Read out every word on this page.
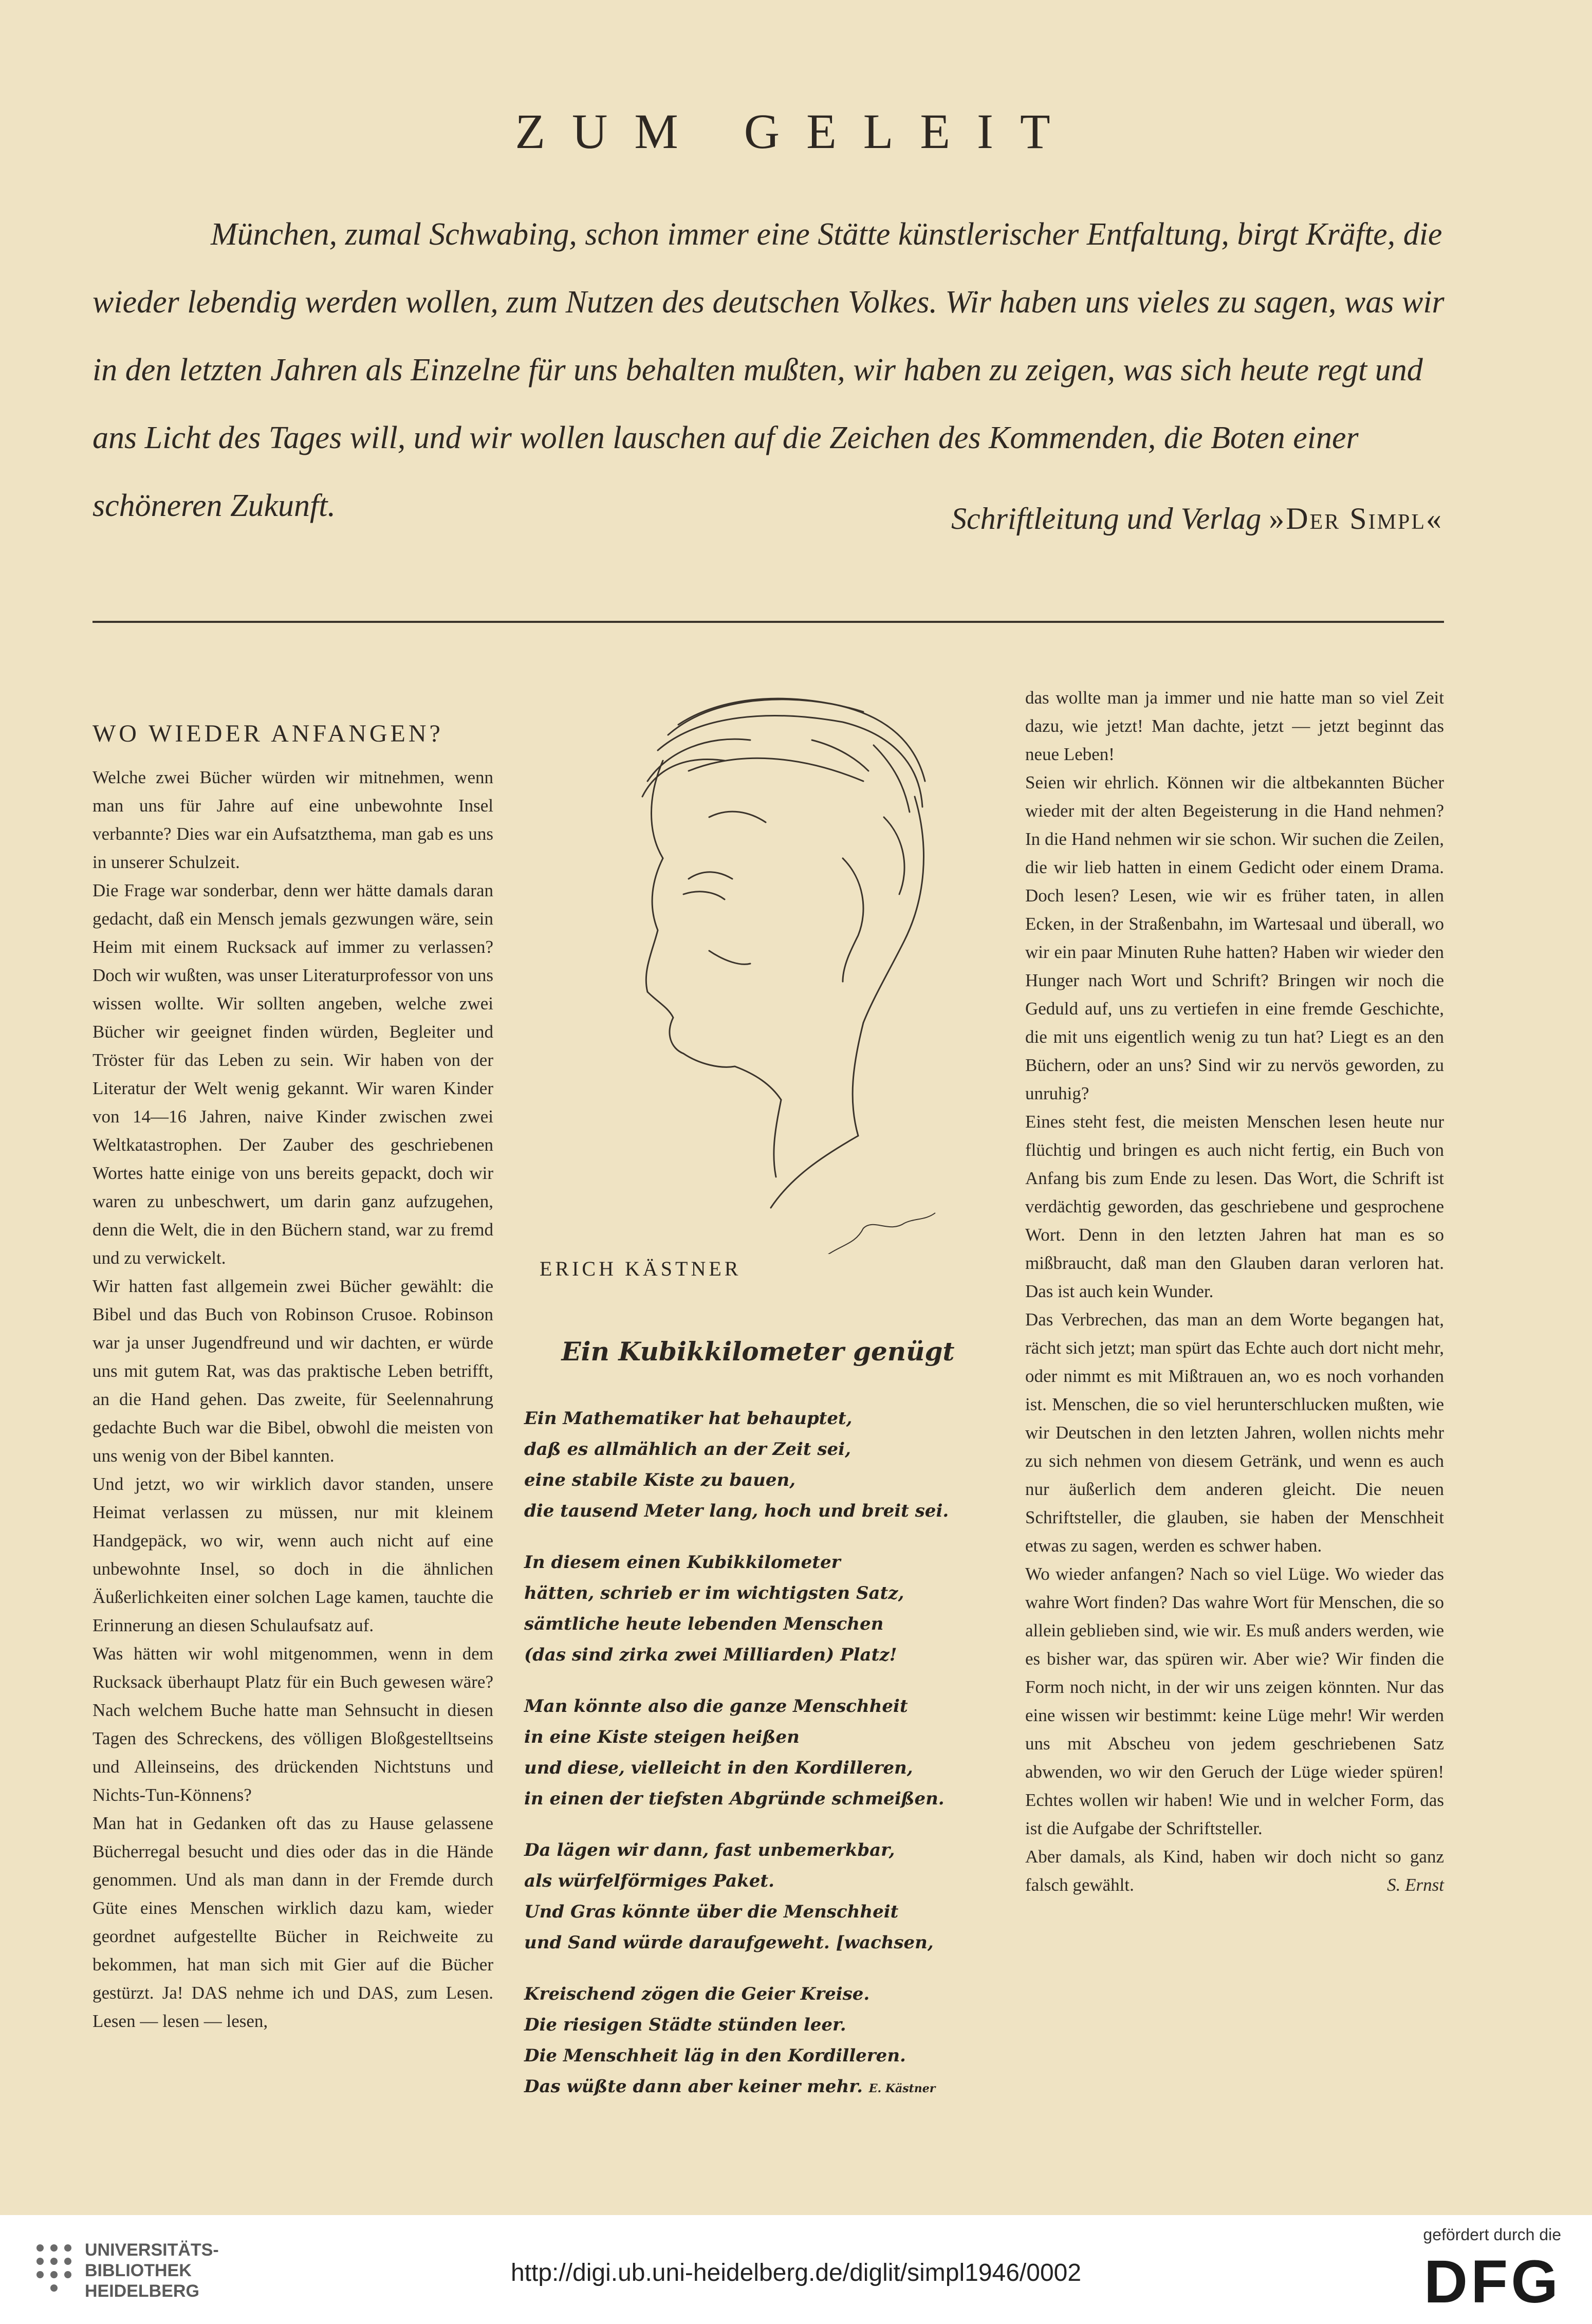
ZUM GELEIT

München, zumal Schwabing, schon immer eine Stätte künstlerischer Entfaltung, birgt Kräfte, die wieder lebendig werden wollen, zum Nutzen des deutschen Volkes. Wir haben uns vieles zu sagen, was wir in den letzten Jahren als Einzelne für uns behalten mußten, wir haben zu zeigen, was sich heute regt und ans Licht des Tages will, und wir wollen lauschen auf die Zeichen des Kommenden, die Boten einer schöneren Zukunft.	Schriftleitung und Verlag »Der Simpl«

WO WIEDER ANFANGEN?

Welche zwei Bücher würden wir mitnehmen, wenn man uns für Jahre auf eine unbewohnte Insel verbannte? Dies war ein Aufsatzthema, man gab es uns in unserer Schulzeit.

Die Frage war sonderbar, denn wer hätte damals daran gedacht, daß ein Mensch jemals gezwungen wäre, sein Heim mit einem Rucksack auf immer zu verlassen? Doch wir wußten, was unser Literaturprofessor von uns wissen wollte. Wir sollten angeben, welche zwei Bücher wir geeignet finden würden, Begleiter und Tröster für das Leben zu sein. Wir haben von der Literatur der Welt wenig gekannt. Wir waren Kinder von 14—16 Jahren, naive Kinder zwischen zwei Weltkatastrophen. Der Zauber des geschriebenen Wortes hatte einige von uns bereits gepackt, doch wir waren zu unbeschwert, um darin ganz aufzugehen, denn die Welt, die in den Büchern stand, war zu fremd und zu verwickelt.

Wir hatten fast allgemein zwei Bücher gewählt: die Bibel und das Buch von Robinson Crusoe. Robinson war ja unser Jugendfreund und wir dachten, er würde uns mit gutem Rat, was das praktische Leben betrifft, an die Hand gehen. Das zweite, für Seelennahrung gedachte Buch war die Bibel, obwohl die meisten von uns wenig von der Bibel kannten.

Und jetzt, wo wir wirklich davor standen, unsere Heimat verlassen zu müssen, nur mit kleinem Handgepäck, wo wir, wenn auch nicht auf eine unbewohnte Insel, so doch in die ähnlichen Äußerlichkeiten einer solchen Lage kamen, tauchte die Erinnerung an diesen Schulaufsatz auf.

Was hätten wir wohl mitgenommen, wenn in dem Rucksack überhaupt Platz für ein Buch gewesen wäre? Nach welchem Buche hatte man Sehnsucht in diesen Tagen des Schreckens, des völligen Bloßgestelltseins und Alleinseins, des drückenden Nichtstuns und Nichts-Tun-Könnens?

Man hat in Gedanken oft das zu Hause gelassene Bücherregal besucht und dies oder das in die Hände genommen. Und als man dann in der Fremde durch Güte eines Menschen wirklich dazu kam, wieder geordnet aufgestellte Bücher in Reichweite zu bekommen, hat man sich mit Gier auf die Bücher gestürzt. Ja! DAS nehme ich und DAS, zum Lesen. Lesen — lesen — lesen,

ERICH KÄSTNER
Ein Kubikkilometer genügt
Ein Mathematiker hat behauptet,
daß es allmählich an der Zeit sei,
eine stabile Kiste zu bauen,
die tausend Meter lang, hoch und breit sei.
In diesem einen Kubikkilometer
hätten, schrieb er im wichtigsten Satz,
sämtliche heute lebenden Menschen
(das sind zirka zwei Milliarden) Platz!
Man könnte also die ganze Menschheit
in eine Kiste steigen heißen
und diese, vielleicht in den Kordilleren,
in einen der tiefsten Abgründe schmeißen.
Da lägen wir dann, fast unbemerkbar,
als würfelförmiges Paket.
Und Gras könnte über die Menschheit
und Sand würde daraufgeweht. [wachsen,
Kreischend zögen die Geier Kreise.
Die riesigen Städte stünden leer.
Die Menschheit läg in den Kordilleren.
Das wüßte dann aber keiner mehr. E. Kästner

das wollte man ja immer und nie hatte man so viel Zeit dazu, wie jetzt! Man dachte, jetzt — jetzt beginnt das neue Leben!

Seien wir ehrlich. Können wir die altbekannten Bücher wieder mit der alten Begeisterung in die Hand nehmen? In die Hand nehmen wir sie schon. Wir suchen die Zeilen, die wir lieb hatten in einem Gedicht oder einem Drama. Doch lesen? Lesen, wie wir es früher taten, in allen Ecken, in der Straßenbahn, im Wartesaal und überall, wo wir ein paar Minuten Ruhe hatten? Haben wir wieder den Hunger nach Wort und Schrift? Bringen wir noch die Geduld auf, uns zu vertiefen in eine fremde Geschichte, die mit uns eigentlich wenig zu tun hat? Liegt es an den Büchern, oder an uns? Sind wir zu nervös geworden, zu unruhig?

Eines steht fest, die meisten Menschen lesen heute nur flüchtig und bringen es auch nicht fertig, ein Buch von Anfang bis zum Ende zu lesen. Das Wort, die Schrift ist verdächtig geworden, das geschriebene und gesprochene Wort. Denn in den letzten Jahren hat man es so mißbraucht, daß man den Glauben daran verloren hat. Das ist auch kein Wunder.

Das Verbrechen, das man an dem Worte begangen hat, rächt sich jetzt; man spürt das Echte auch dort nicht mehr, oder nimmt es mit Mißtrauen an, wo es noch vorhanden ist. Menschen, die so viel herunterschlucken mußten, wie wir Deutschen in den letzten Jahren, wollen nichts mehr zu sich nehmen von diesem Getränk, und wenn es auch nur äußerlich dem anderen gleicht. Die neuen Schriftsteller, die glauben, sie haben der Menschheit etwas zu sagen, werden es schwer haben.

Wo wieder anfangen? Nach so viel Lüge. Wo wieder das wahre Wort finden? Das wahre Wort für Menschen, die so allein geblieben sind, wie wir. Es muß anders werden, wie es bisher war, das spüren wir. Aber wie? Wir finden die Form noch nicht, in der wir uns zeigen könnten. Nur das eine wissen wir bestimmt: keine Lüge mehr! Wir werden uns mit Abscheu von jedem geschriebenen Satz abwenden, wo wir den Geruch der Lüge wieder spüren! Echtes wollen wir haben! Wie und in welcher Form, das ist die Aufgabe der Schriftsteller.

Aber damals, als Kind, haben wir doch nicht so ganz falsch gewählt.	S. Ernst

UNIVERSITÄTS-
BIBLIOTHEK
HEIDELBERG
http://digi.ub.uni-heidelberg.de/diglit/simpl1946/0002
gefördert durch die
DFG
